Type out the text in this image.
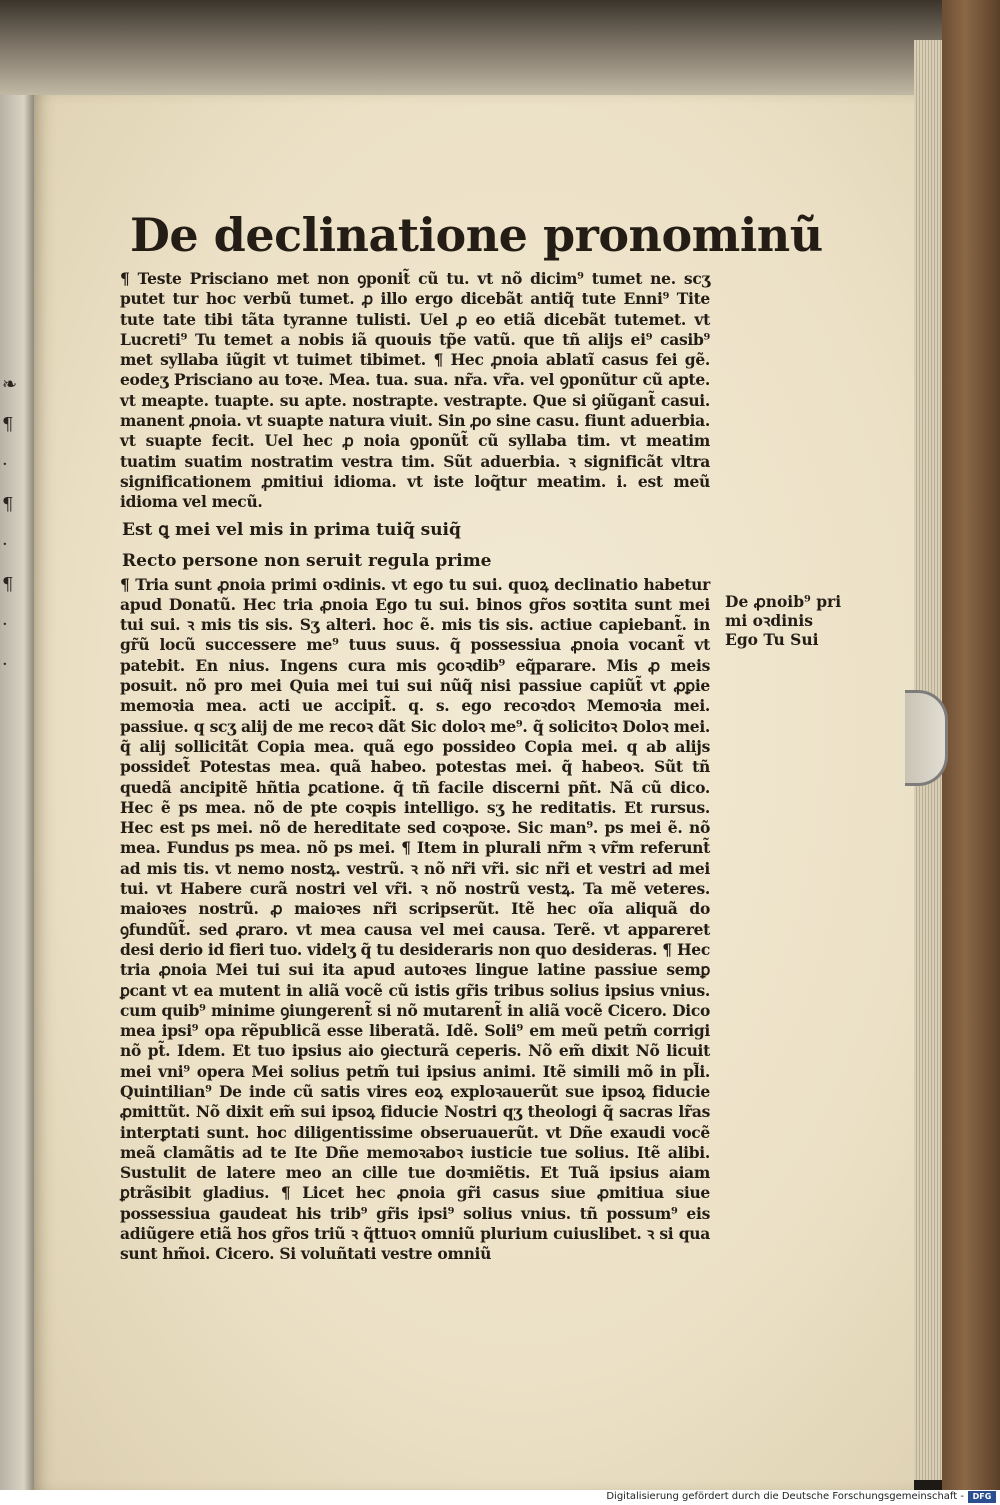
❧
¶
·
¶
·
¶
·
·
De declinatione pronominũ

¶ Teste Prisciano met non ꝯponit̃ cũ tu. vt nõ dicim⁹ tumet ne. scʒ putet tur hoc verbũ tumet. ꝓ illo ergo dicebãt antiq̃ tute Enni⁹ Tite tute tate tibi tãta tyranne tulisti. Uel ꝓ eo etiã dicebãt tutemet. vt Lucreti⁹ Tu temet a nobis iã quouis tp̃e vatũ. que tñ alijs ei⁹ casib⁹ met syllaba iũgit vt tuimet tibimet. ¶ Hec ꝓnoia ablatĩ casus fei gẽ. eodeʒ Prisciano au toꝛe. Mea. tua. sua. nr̃a. vr̃a. vel ꝯponũtur cũ apte. vt meapte. tuapte. su apte. nostrapte. vestrapte. Que si ꝯiũgant̃ casui. manent ꝓnoia. vt suapte natura viuit. Sin ꝓo sine casu. fiunt aduerbia. vt suapte fecit. Uel hec ꝓ noia ꝯponũt̃ cũ syllaba tim. vt meatim tuatim suatim nostratim vestra tim. Sũt aduerbia. ꝛ significãt vltra significationem ꝓmitiui idioma. vt iste loq̃tur meatim. i. est meũ idioma vel mecũ.

Est ꝗ mei vel mis in prima tuiq̃ suiq̃
Recto persone non seruit regula prime

¶ Tria sunt ꝓnoia primi oꝛdinis. vt ego tu sui. quoꝝ declinatio habetur apud Donatũ. Hec tria ꝓnoia Ego tu sui. binos gr̃os soꝛtita sunt mei tui sui. ꝛ mis tis sis. Sʒ alteri. hoc ẽ. mis tis sis. actiue capiebant̃. in gr̃ũ locũ successere me⁹ tuus suus. q̃ possessiua ꝓnoia vocant̃ vt patebit. En nius. Ingens cura mis ꝯcoꝛdib⁹ eq̃parare. Mis ꝓ meis posuit. nõ pro mei Quia mei tui sui nũq̃ nisi passiue capiũt̃ vt ꝓꝑie memoꝛia mea. acti ue accipit̃. q. s. ego recoꝛdoꝛ Memoꝛia mei. passiue. q scʒ alij de me recoꝛ dãt Sic doloꝛ me⁹. q̃ solicitoꝛ Doloꝛ mei. q̃ alij sollicitãt Copia mea. quã ego possideo Copia mei. q ab alijs possidet̃ Potestas mea. quã habeo. potestas mei. q̃ habeoꝛ. Sũt tñ quedã ancipitẽ hñtia ꝑcatione. q̃ tñ facile discerni pñt. Nã cũ dico. Hec ẽ ps mea. nõ de pte coꝛpis intelligo. sʒ he reditatis. Et rursus. Hec est ps mei. nõ de hereditate sed coꝛpoꝛe. Sic man⁹. ps mei ẽ. nõ mea. Fundus ps mea. nõ ps mei. ¶ Item in plurali nr̃m ꝛ vr̃m referunt̃ ad mis tis. vt nemo nostꝝ. vestrũ. ꝛ nõ nr̃i vr̃i. sic nr̃i et vestri ad mei tui. vt Habere curã nostri vel vr̃i. ꝛ nõ nostrũ vestꝝ. Ta mẽ veteres. maioꝛes nostrũ. ꝓ maioꝛes nr̃i scripserũt. Itẽ hec oĩa aliquã do ꝯfundũt̃. sed ꝓraro. vt mea causa vel mei causa. Terẽ. vt appareret desi derio id fieri tuo. videlʒ q̃ tu desideraris non quo desideras. ¶ Hec tria ꝓnoia Mei tui sui ita apud autoꝛes lingue latine passiue semꝑ ꝑcant vt ea mutent in aliã vocẽ cũ istis gr̃is tribus solius ipsius vnius. cum quib⁹ minime ꝯiungerent̃ si nõ mutarent̃ in aliã vocẽ Cicero. Dico mea ipsi⁹ opa rẽpublicã esse liberatã. Idẽ. Soli⁹ em meũ petm̃ corrigi nõ pt̃. Idem. Et tuo ipsius aio ꝯiecturã ceperis. Nõ em̃ dixit Nõ licuit mei vni⁹ opera Mei solius petm̃ tui ipsius animi. Itẽ simili mõ in pl̃i. Quintilian⁹ De inde cũ satis vires eoꝝ exploꝛauerũt sue ipsoꝝ fiducie ꝓmittũt. Nõ dixit em̃ sui ipsoꝝ fiducie Nostri qʒ theologi q̃ sacras lr̃as interꝑtati sunt. hoc diligentissime obseruauerũt. vt Dñe exaudi vocẽ meã clamãtis ad te Ite Dñe memoꝛaboꝛ iusticie tue solius. Itẽ alibi. Sustulit de latere meo an cille tue doꝛmiẽtis. Et Tuã ipsius aiam ꝑtrãsibit gladius. ¶ Licet hec ꝓnoia gr̃i casus siue ꝓmitiua siue possessiua gaudeat his trib⁹ gr̃is ipsi⁹ solius vnius. tñ possum⁹ eis adiũgere etiã hos gr̃os triũ ꝛ q̃ttuoꝛ omniũ plurium cuiuslibet. ꝛ si qua sunt hm̃oi. Cicero. Si voluñtati vestre omniũ

De ꝓnoib⁹ pri
mi oꝛdinis
Ego Tu Sui
Digitalisierung gefördert durch die Deutsche Forschungsgemeinschaft -	DFG
